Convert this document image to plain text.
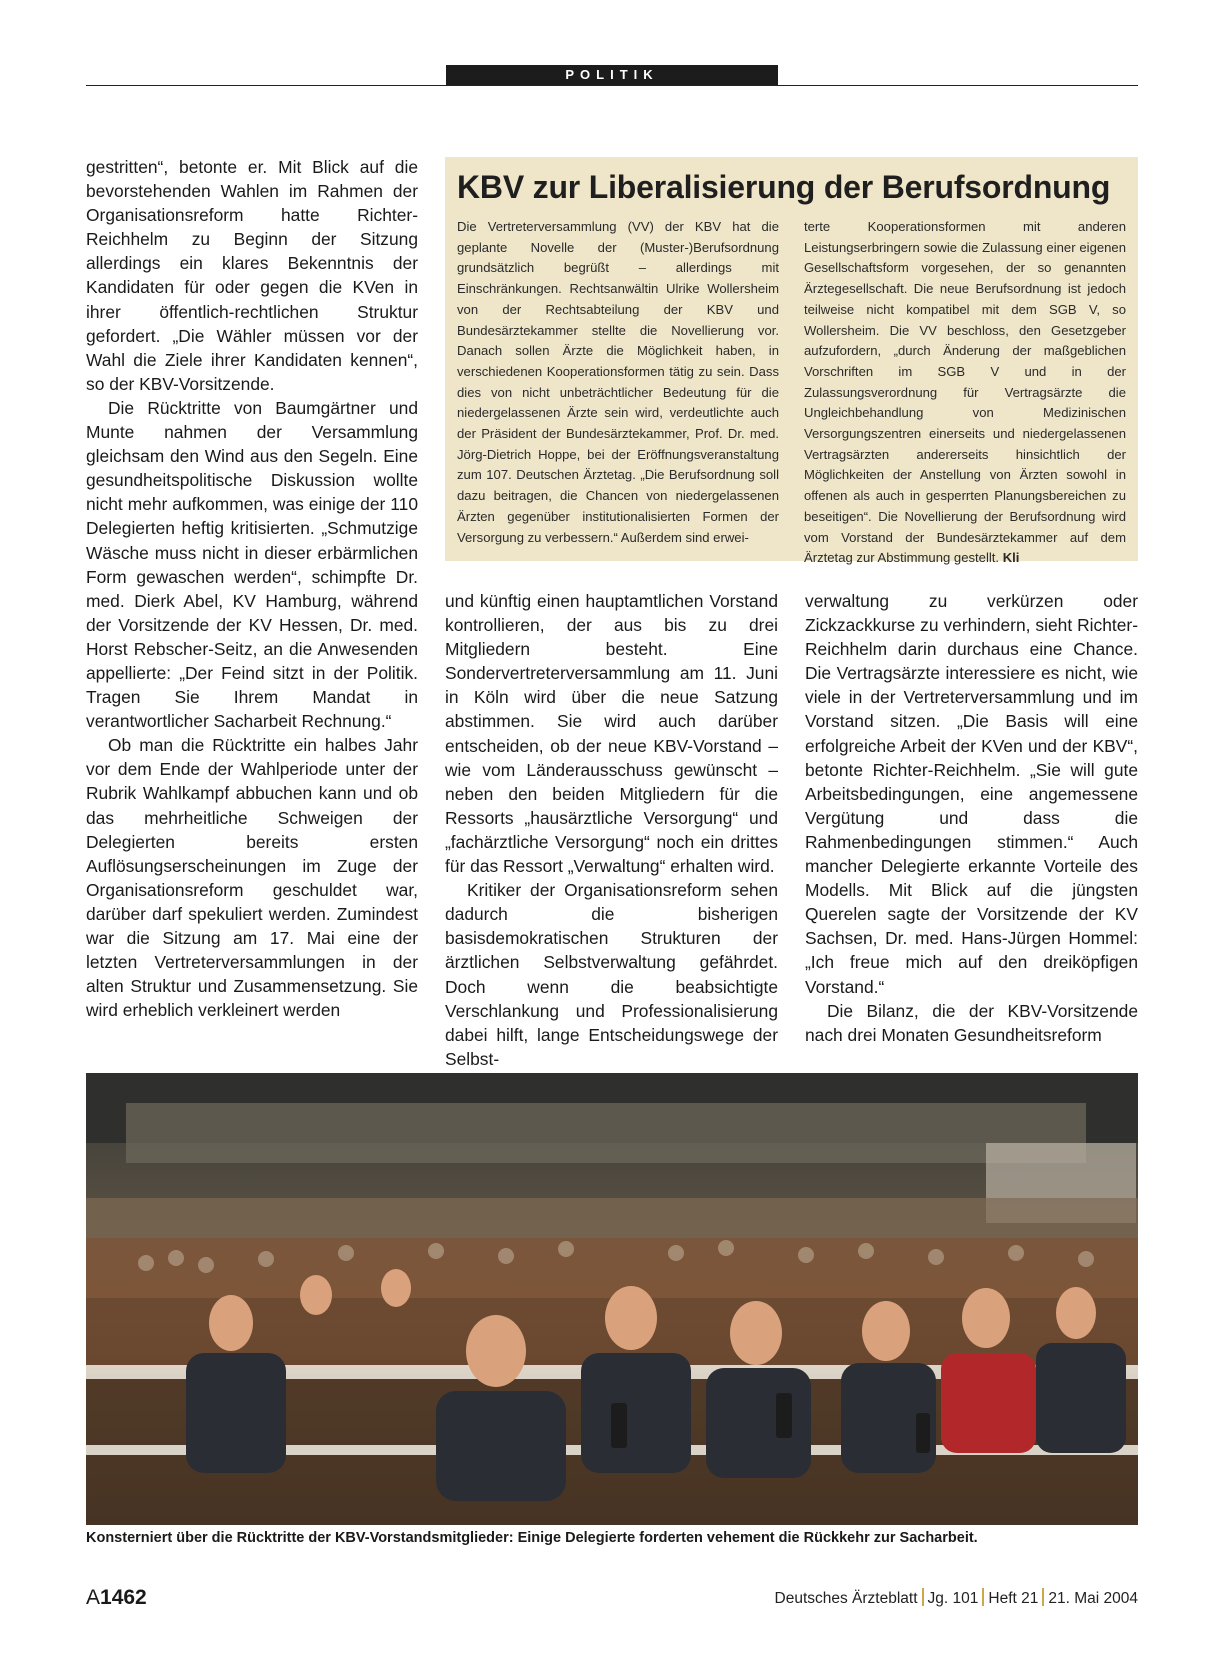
POLITIK

gestritten“, betonte er. Mit Blick auf die bevorstehenden Wahlen im Rahmen der Organisationsreform hatte Richter-Reichhelm zu Beginn der Sitzung allerdings ein klares Bekenntnis der Kandidaten für oder gegen die KVen in ihrer öffentlich-rechtlichen Struktur gefordert. „Die Wähler müssen vor der Wahl die Ziele ihrer Kandidaten kennen“, so der KBV-Vorsitzende.

Die Rücktritte von Baumgärtner und Munte nahmen der Versammlung gleichsam den Wind aus den Segeln. Eine gesundheitspolitische Diskussion wollte nicht mehr aufkommen, was einige der 110 Delegierten heftig kritisierten. „Schmutzige Wäsche muss nicht in dieser erbärmlichen Form gewaschen werden“, schimpfte Dr. med. Dierk Abel, KV Hamburg, während der Vorsitzende der KV Hessen, Dr. med. Horst Rebscher-Seitz, an die Anwesenden appellierte: „Der Feind sitzt in der Politik. Tragen Sie Ihrem Mandat in verantwortlicher Sacharbeit Rechnung.“

Ob man die Rücktritte ein halbes Jahr vor dem Ende der Wahlperiode unter der Rubrik Wahlkampf abbuchen kann und ob das mehrheitliche Schweigen der Delegierten bereits ersten Auflösungserscheinungen im Zuge der Organisationsreform geschuldet war, darüber darf spekuliert werden. Zumindest war die Sitzung am 17. Mai eine der letzten Vertreterversammlungen in der alten Struktur und Zusammensetzung. Sie wird erheblich verkleinert werden

KBV zur Liberalisierung der Berufsordnung
Die Vertreterversammlung (VV) der KBV hat die geplante Novelle der (Muster-)Berufsordnung grundsätzlich begrüßt – allerdings mit Einschränkungen. Rechtsanwältin Ulrike Wollersheim von der Rechtsabteilung der KBV und Bundesärztekammer stellte die Novellierung vor. Danach sollen Ärzte die Möglichkeit haben, in verschiedenen Kooperationsformen tätig zu sein. Dass dies von nicht unbeträchtlicher Bedeutung für die niedergelassenen Ärzte sein wird, verdeutlichte auch der Präsident der Bundesärztekammer, Prof. Dr. med. Jörg-Dietrich Hoppe, bei der Eröffnungsveranstaltung zum 107. Deutschen Ärztetag. „Die Berufsordnung soll dazu beitragen, die Chancen von niedergelassenen Ärzten gegenüber institutionalisierten Formen der Versorgung zu verbessern.“ Außerdem sind erwei-
terte Kooperationsformen mit anderen Leistungserbringern sowie die Zulassung einer eigenen Gesellschaftsform vorgesehen, der so genannten Ärztegesellschaft. Die neue Berufsordnung ist jedoch teilweise nicht kompatibel mit dem SGB V, so Wollersheim. Die VV beschloss, den Gesetzgeber aufzufordern, „durch Änderung der maßgeblichen Vorschriften im SGB V und in der Zulassungsverordnung für Vertragsärzte die Ungleichbehandlung von Medizinischen Versorgungszentren einerseits und niedergelassenen Vertragsärzten andererseits hinsichtlich der Möglichkeiten der Anstellung von Ärzten sowohl in offenen als auch in gesperrten Planungsbereichen zu beseitigen“. Die Novellierung der Berufsordnung wird vom Vorstand der Bundesärztekammer auf dem Ärztetag zur Abstimmung gestellt. Kli

und künftig einen hauptamtlichen Vorstand kontrollieren, der aus bis zu drei Mitgliedern besteht. Eine Sondervertreterversammlung am 11. Juni in Köln wird über die neue Satzung abstimmen. Sie wird auch darüber entscheiden, ob der neue KBV-Vorstand – wie vom Länderausschuss gewünscht – neben den beiden Mitgliedern für die Ressorts „hausärztliche Versorgung“ und „fachärztliche Versorgung“ noch ein drittes für das Ressort „Verwaltung“ erhalten wird.

Kritiker der Organisationsreform sehen dadurch die bisherigen basisdemokratischen Strukturen der ärztlichen Selbstverwaltung gefährdet. Doch wenn die beabsichtigte Verschlankung und Professionalisierung dabei hilft, lange Entscheidungswege der Selbst-

verwaltung zu verkürzen oder Zickzackkurse zu verhindern, sieht Richter-Reichhelm darin durchaus eine Chance. Die Vertragsärzte interessiere es nicht, wie viele in der Vertreterversammlung und im Vorstand sitzen. „Die Basis will eine erfolgreiche Arbeit der KVen und der KBV“, betonte Richter-Reichhelm. „Sie will gute Arbeitsbedingungen, eine angemessene Vergütung und dass die Rahmenbedingungen stimmen.“ Auch mancher Delegierte erkannte Vorteile des Modells. Mit Blick auf die jüngsten Querelen sagte der Vorsitzende der KV Sachsen, Dr. med. Hans-Jürgen Hommel: „Ich freue mich auf den dreiköpfigen Vorstand.“

Die Bilanz, die der KBV-Vorsitzende nach drei Monaten Gesundheitsreform

Konsterniert über die Rücktritte der KBV-Vorstandsmitglieder: Einige Delegierte forderten vehement die Rückkehr zur Sacharbeit.
A1462	Deutsches Ärzteblatt Jg. 101 Heft 21 21. Mai 2004
